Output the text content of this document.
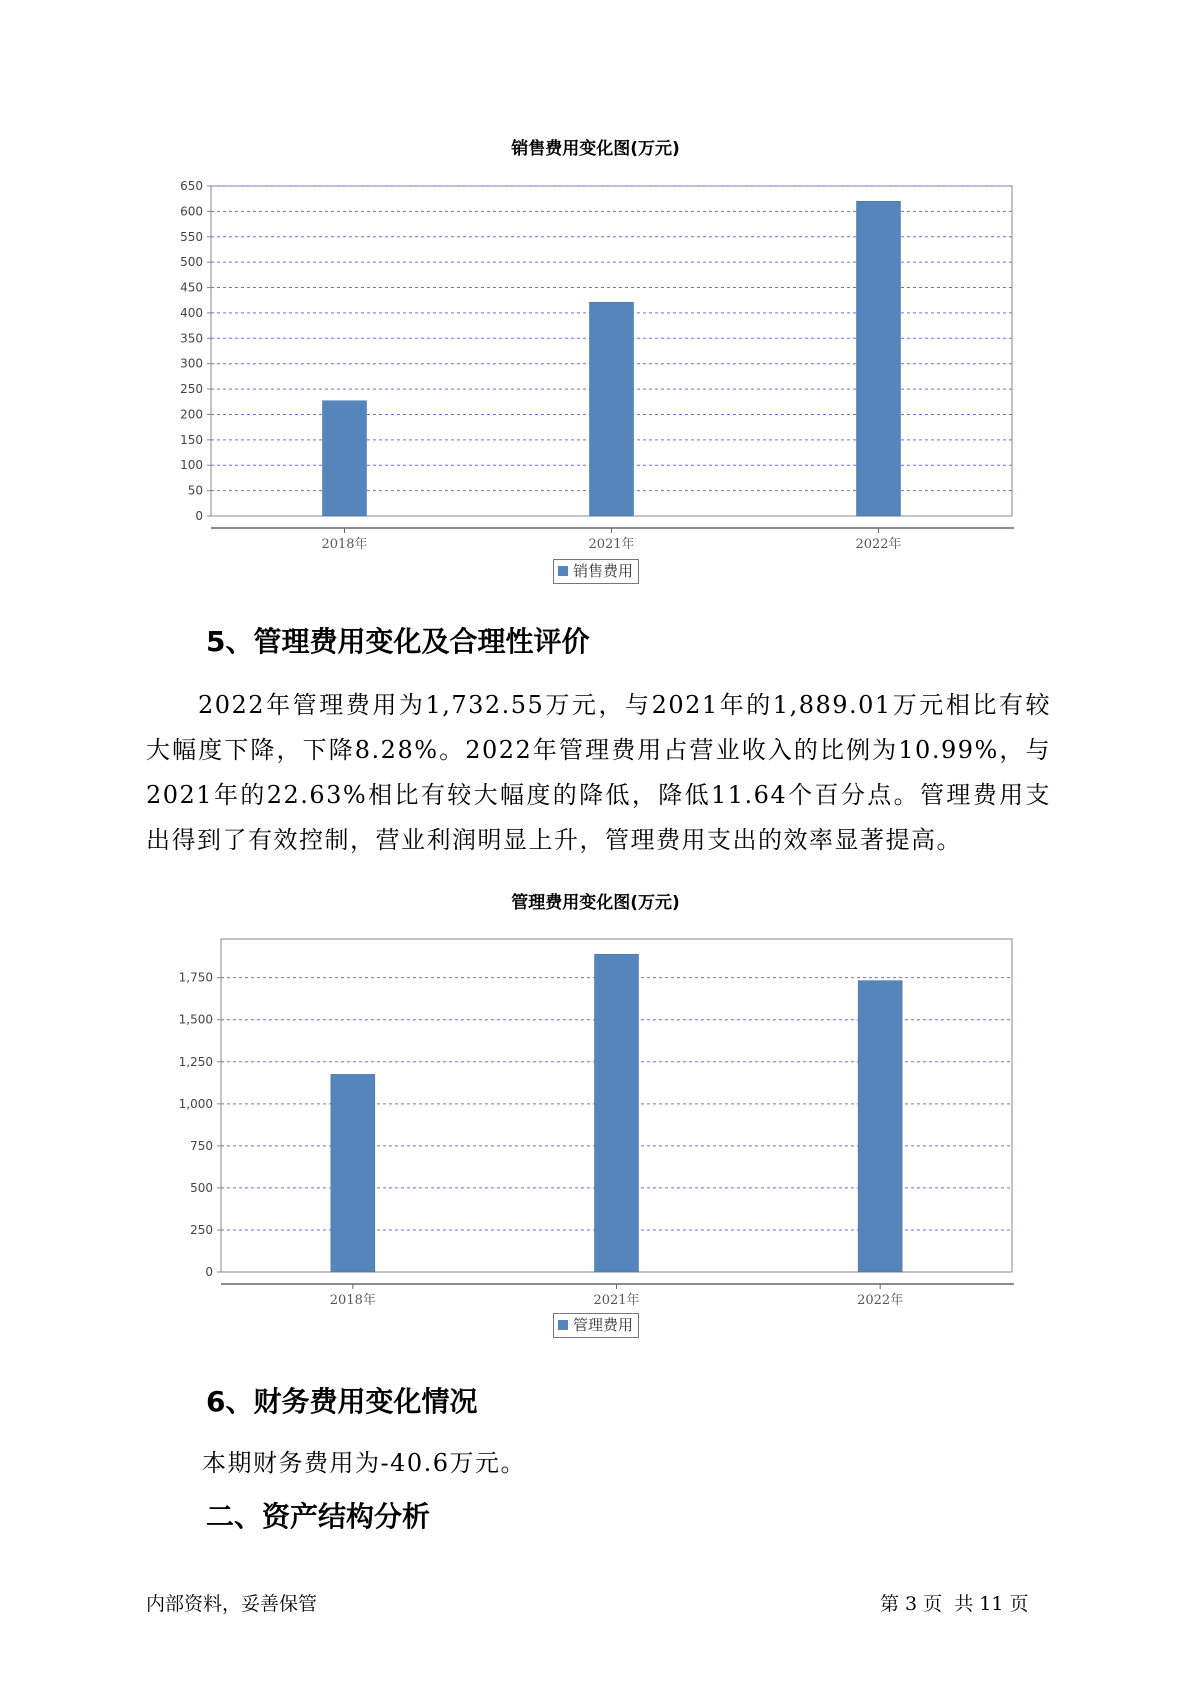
销售费用变化图(万元)
0
50
100
150
200
250
300
350
400
450
500
550
600
650
2018年	2021年	2022年
销售费用
5、管理费用变化及合理性评价

2022年管理费用为1,732.55万元，与2021年的1,889.01万元相比有较大幅度下降，下降8.28%。2022年管理费用占营业收入的比例为10.99%，与2021年的22.63%相比有较大幅度的降低，降低11.64个百分点。管理费用支出得到了有效控制，营业利润明显上升，管理费用支出的效率显著提高。

管理费用变化图(万元)
0
250
500
750
1,000
1,250
1,500
1,750
2018年	2021年	2022年
管理费用
6、财务费用变化情况
本期财务费用为-40.6万元。
二、资产结构分析
内部资料，妥善保管	第 3 页  共 11 页
